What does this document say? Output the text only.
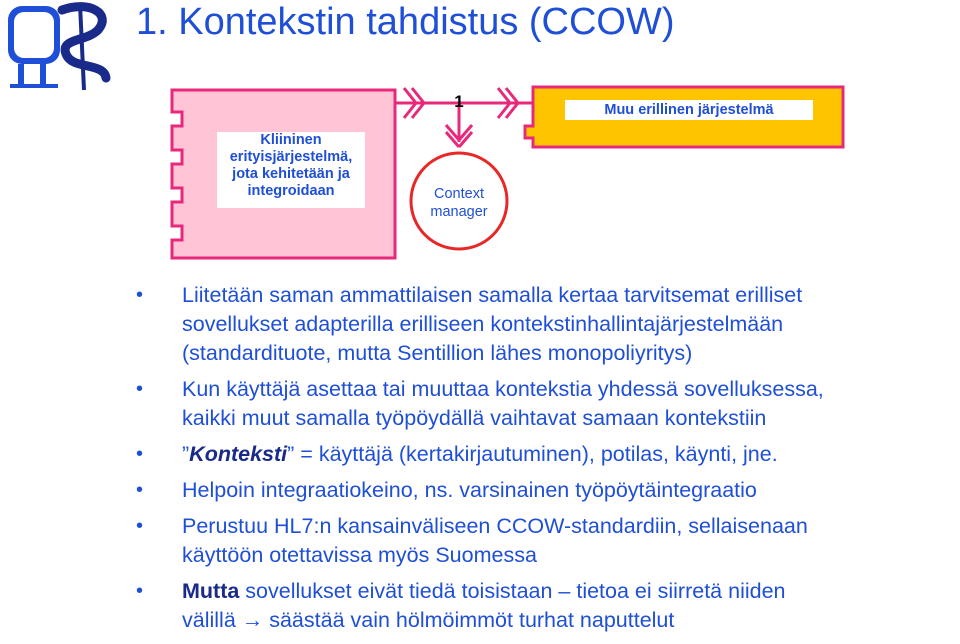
1. Kontekstin tahdistus (CCOW)
Kliininen
erityisjärjestelmä,
jota kehitetään ja
integroidaan
Muu erillinen järjestelmä
1
Context
manager
• Liitetään saman ammattilaisen samalla kertaa tarvitsemat erilliset
sovellukset adapterilla erilliseen kontekstinhallintajärjestelmään
(standardituote, mutta Sentillion lähes monopoliyritys)
• Kun käyttäjä asettaa tai muuttaa kontekstia yhdessä sovelluksessa,
kaikki muut samalla työpöydällä vaihtavat samaan kontekstiin
• ”Konteksti” = käyttäjä (kertakirjautuminen), potilas, käynti, jne.
• Helpoin integraatiokeino, ns. varsinainen työpöytäintegraatio
• Perustuu HL7:n kansainväliseen CCOW-standardiin, sellaisenaan
käyttöön otettavissa myös Suomessa
• Mutta sovellukset eivät tiedä toisistaan – tietoa ei siirretä niiden
välillä → säästää vain hölmöimmöt turhat naputtelut
